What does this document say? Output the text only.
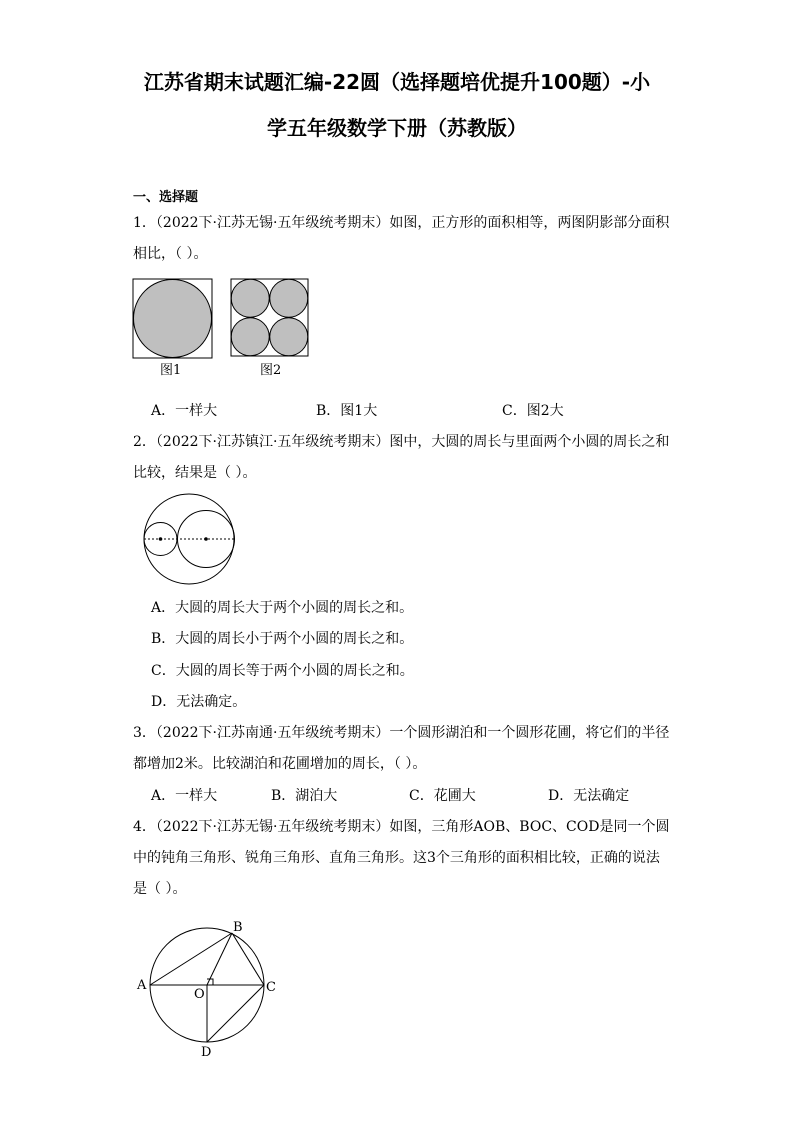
江苏省期末试题汇编-22圆（选择题培优提升100题）-小
学五年级数学下册（苏教版）
一、选择题
1．（2022下·江苏无锡·五年级统考期末）如图，正方形的面积相等，两图阴影部分面积
相比，（ ）。
图1	图2
A．一样大	B．图1大	C．图2大
2．（2022下·江苏镇江·五年级统考期末）图中，大圆的周长与里面两个小圆的周长之和
比较，结果是（ ）。
A．大圆的周长大于两个小圆的周长之和。
B．大圆的周长小于两个小圆的周长之和。
C．大圆的周长等于两个小圆的周长之和。
D．无法确定。
3．（2022下·江苏南通·五年级统考期末）一个圆形湖泊和一个圆形花圃，将它们的半径
都增加2米。比较湖泊和花圃增加的周长，（ ）。
A．一样大	B．湖泊大	C．花圃大	D．无法确定
4．（2022下·江苏无锡·五年级统考期末）如图，三角形AOB、BOC、COD是同一个圆
中的钝角三角形、锐角三角形、直角三角形。这3个三角形的面积相比较，正确的说法
是（ ）。
A
B
C
D
O
